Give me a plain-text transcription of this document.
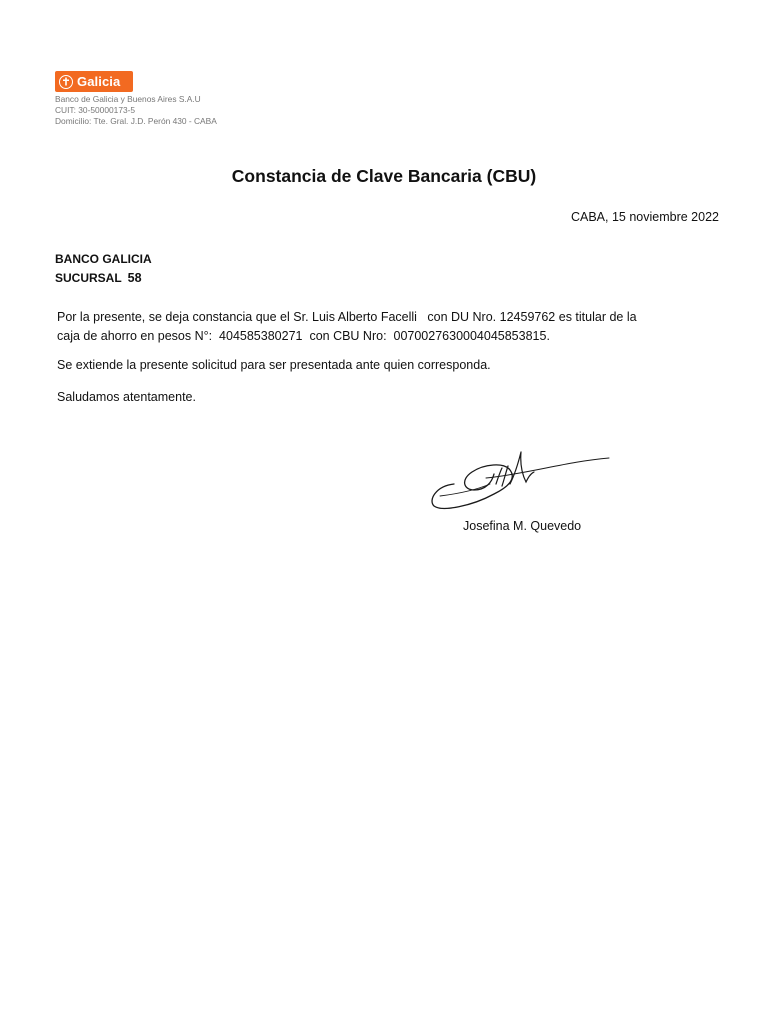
Galicia
Banco de Galicia y Buenos Aires S.A.U
CUIT: 30-50000173-5
Domicilio: Tte. Gral. J.D. Perón 430 - CABA
Constancia de Clave Bancaria (CBU)
CABA, 15 noviembre 2022
BANCO GALICIA
SUCURSAL 58
Por la presente, se deja constancia que el Sr. Luis Alberto Facelli con DU Nro. 12459762 es titular de la
caja de ahorro en pesos N°: 404585380271 con CBU Nro: 0070027630004045853815.
Se extiende la presente solicitud para ser presentada ante quien corresponda.
Saludamos atentamente.
Josefina M. Quevedo
